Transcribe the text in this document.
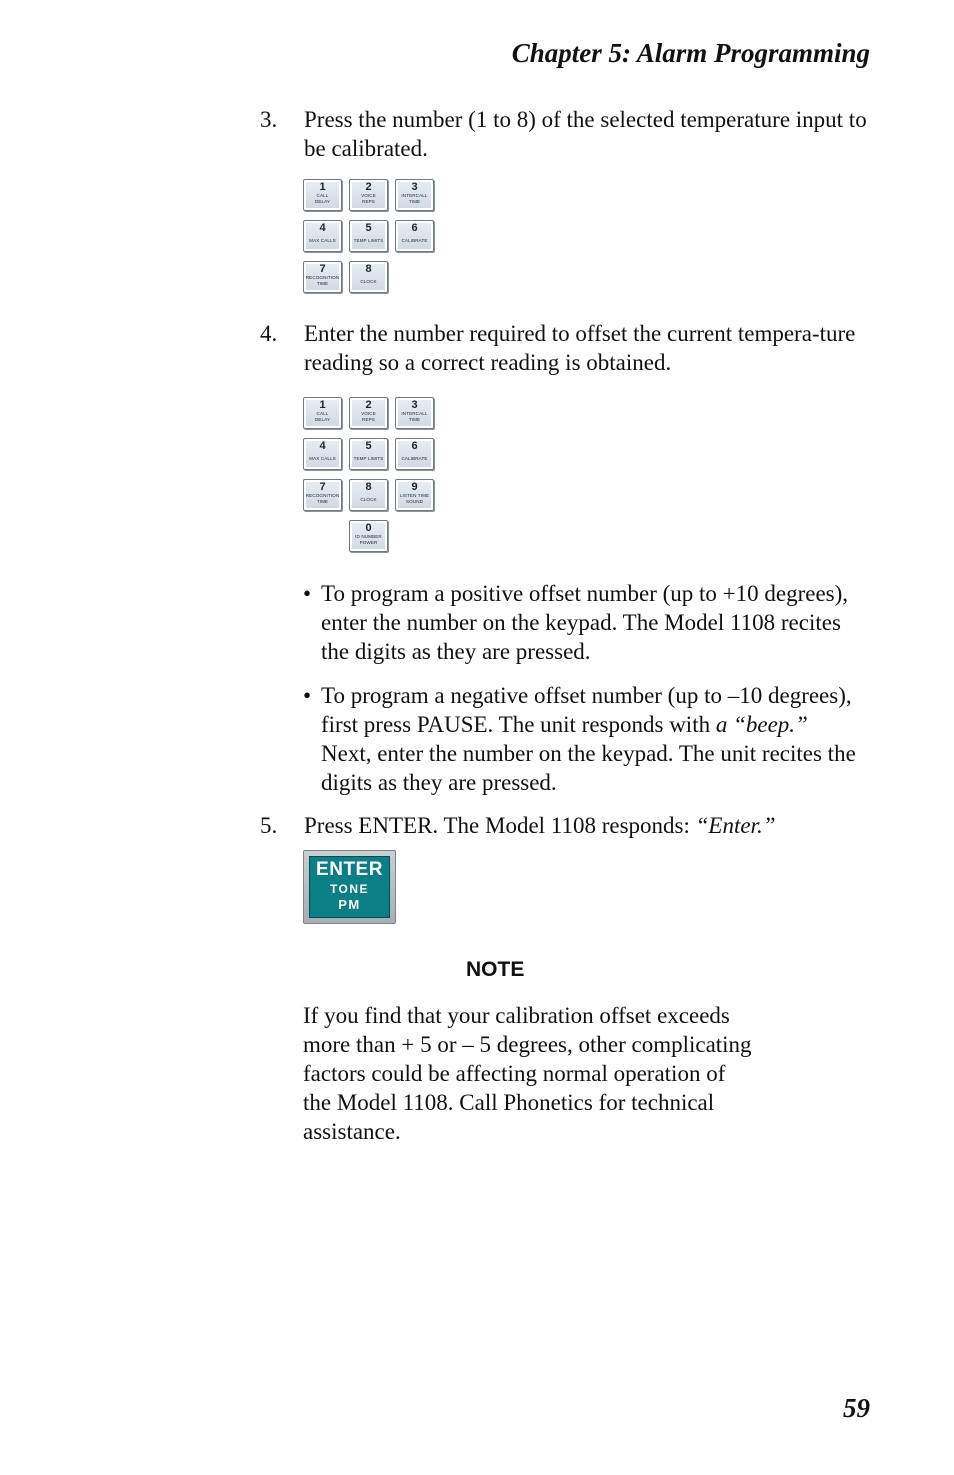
Chapter 5: Alarm Programming
3. Press the number (1 to 8) of the selected temperature input to be calibrated.
1
CALL
DELAY
2
VOICE
REPS
3
INTERCALL
TIME
4
MAX CALLS
5
TEMP LIMITS
6
CALIBRATE
7
RECOGNITION
TIME
8
CLOCK
4. Enter the number required to offset the current tempera-ture reading so a correct reading is obtained.
1
CALL
DELAY
2
VOICE
REPS
3
INTERCALL
TIME
4
MAX CALLS
5
TEMP LIMITS
6
CALIBRATE
7
RECOGNITION
TIME
8
CLOCK
9
LISTEN TIME
SOUND
0
ID NUMBER
POWER
• To program a positive offset number (up to +10 degrees), enter the number on the keypad. The Model 1108 recites the digits as they are pressed.
• To program a negative offset number (up to –10 degrees), first press PAUSE. The unit responds with a “beep.”  Next, enter the number on the keypad. The unit recites the digits as they are pressed.
5. Press ENTER. The Model 1108 responds: “Enter.”
ENTER
TONE
PM
NOTE
If you find that your calibration offset exceeds
more than + 5 or – 5 degrees, other complicating
factors could be affecting normal operation of
the Model 1108. Call Phonetics for technical
assistance.
59
